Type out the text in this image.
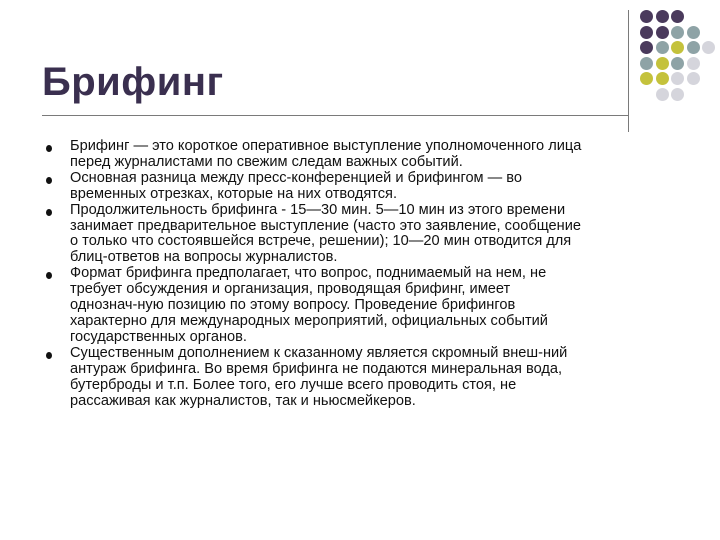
Брифинг
Брифинг — это короткое оперативное выступление уполномоченного лица
перед журналистами по свежим следам важных событий.
Основная разница между пресс-конференцией и брифингом — во
временных отрезках, которые на них отводятся.
Продолжительность брифинга - 15—30 мин. 5—10 мин из этого времени
занимает предварительное выступление (часто это заявление, сообщение
о только что состоявшейся встрече, решении); 10—20 мин отводится для
блиц-ответов на вопросы журналистов.
Формат брифинга предполагает, что вопрос, поднимаемый на нем, не
требует обсуждения и организация, проводящая брифинг, имеет
однознач-ную позицию по этому вопросу. Проведение брифингов
характерно для международных мероприятий, официальных событий
государственных органов.
Существенным дополнением к сказанному является скромный внеш-ний
антураж брифинга. Во время брифинга не подаются минеральная вода,
бутерброды и т.п. Более того, его лучше всего проводить стоя, не
рассаживая как журналистов, так и ньюсмейкеров.
